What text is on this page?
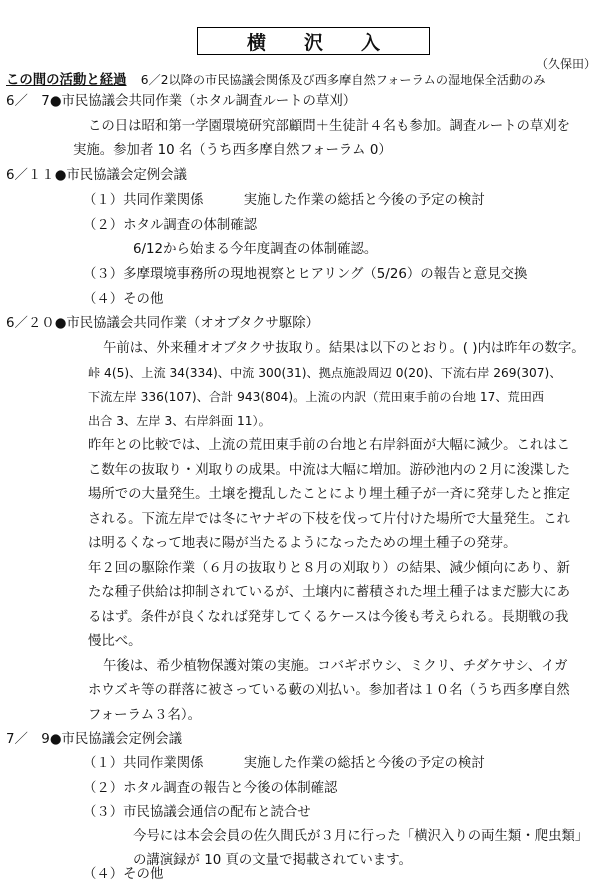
横 沢 入
（久保田）
この間の活動と経過 6／2以降の市民協議会関係及び西多摩自然フォーラムの湿地保全活動のみ
6／　7●市民協議会共同作業（ホタル調査ルートの草刈）
この日は昭和第一学園環境研究部顧問＋生徒計４名も参加。調査ルートの草刈を
実施。参加者 10 名（うち西多摩自然フォーラム 0）
6／１１●市民協議会定例会議
（１）共同作業関係　　　実施した作業の総括と今後の予定の検討
（２）ホタル調査の体制確認
6/12から始まる今年度調査の体制確認。
（３）多摩環境事務所の現地視察とヒアリング（5/26）の報告と意見交換
（４）その他
6／２０●市民協議会共同作業（オオブタクサ駆除）
午前は、外来種オオブタクサ抜取り。結果は以下のとおり。( )内は昨年の数字。
峠 4(5)、上流 34(334)、中流 300(31)、拠点施設周辺 0(20)、下流右岸 269(307)、
下流左岸 336(107)、合計 943(804)。上流の内訳（荒田東手前の台地 17、荒田西
出合 3、左岸 3、右岸斜面 11）。
昨年との比較では、上流の荒田東手前の台地と右岸斜面が大幅に減少。これはこ
こ数年の抜取り・刈取りの成果。中流は大幅に増加。游砂池内の２月に浚渫した
場所での大量発生。土壌を攪乱したことにより埋土種子が一斉に発芽したと推定
される。下流左岸では冬にヤナギの下枝を伐って片付けた場所で大量発生。これ
は明るくなって地表に陽が当たるようになったための埋土種子の発芽。
年２回の駆除作業（６月の抜取りと８月の刈取り）の結果、減少傾向にあり、新
たな種子供給は抑制されているが、土壌内に蓄積された埋土種子はまだ膨大にあ
るはず。条件が良くなれば発芽してくるケースは今後も考えられる。長期戦の我
慢比べ。
午後は、希少植物保護対策の実施。コバギボウシ、ミクリ、チダケサシ、イガ
ホウズキ等の群落に被さっている藪の刈払い。参加者は１０名（うち西多摩自然
フォーラム３名）。
7／　9●市民協議会定例会議
（１）共同作業関係　　　実施した作業の総括と今後の予定の検討
（２）ホタル調査の報告と今後の体制確認
（３）市民協議会通信の配布と読合せ
今号には本会会員の佐久間氏が３月に行った「横沢入りの両生類・爬虫類」
の講演録が 10 頁の文量で掲載されています。
（４）その他
